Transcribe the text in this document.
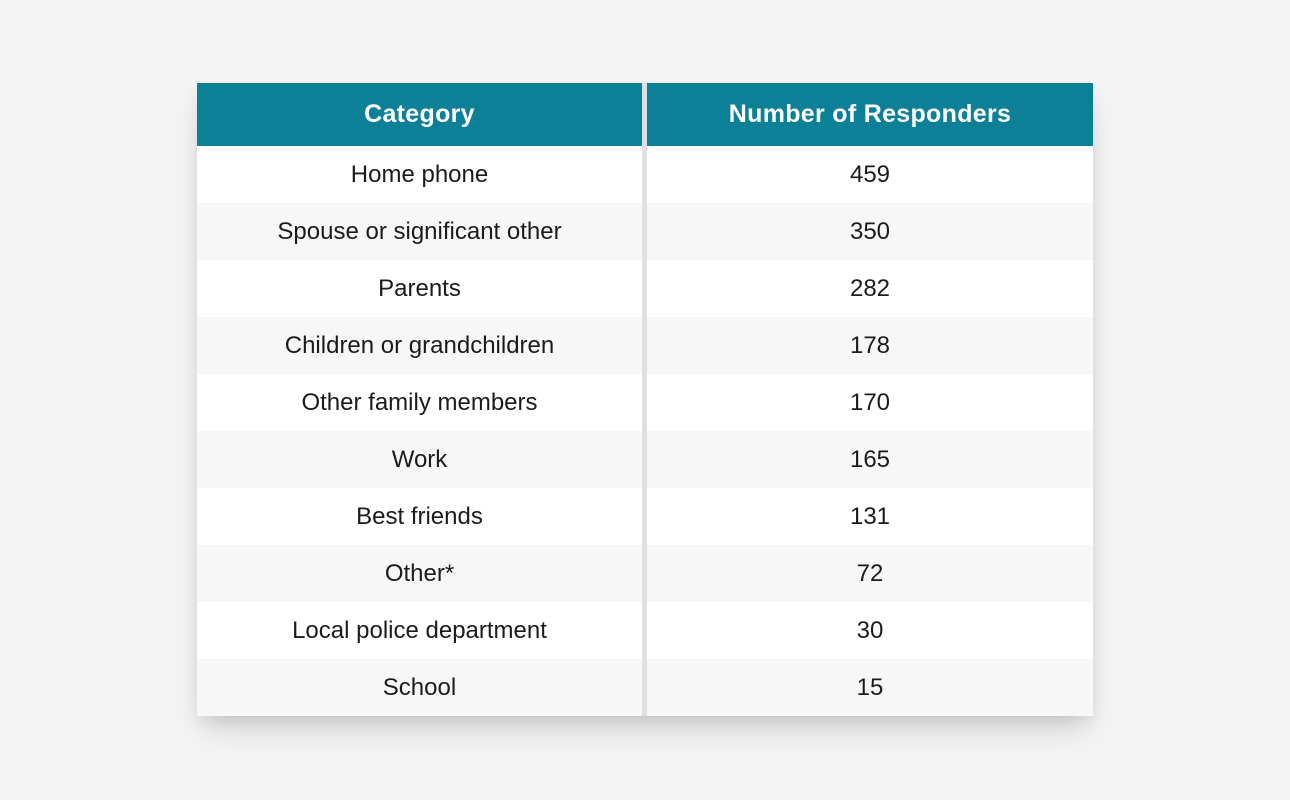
Category	Number of Responders
Home phone	459
Spouse or significant other	350
Parents	282
Children or grandchildren	178
Other family members	170
Work	165
Best friends	131
Other*	72
Local police department	30
School	15
